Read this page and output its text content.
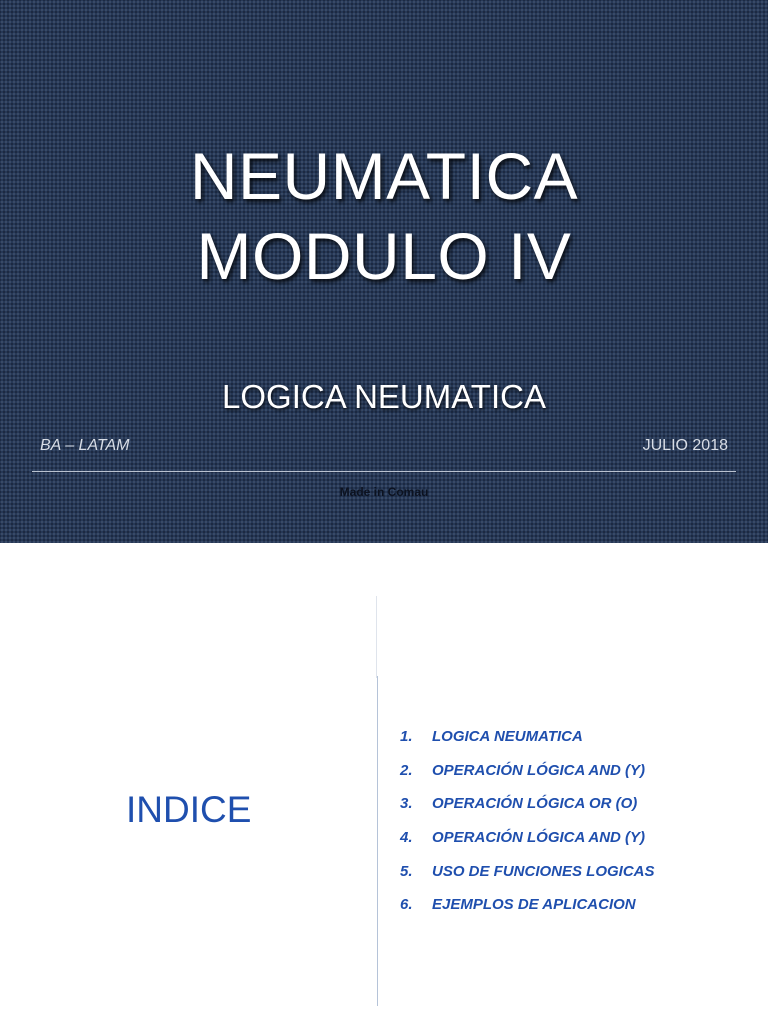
NEUMATICA
MODULO IV
LOGICA NEUMATICA
BA – LATAM	JULIO 2018
Made in Comau
INDICE
1.	LOGICA NEUMATICA
2.	OPERACIÓN LÓGICA AND (Y)
3.	OPERACIÓN LÓGICA OR (O)
4.	OPERACIÓN LÓGICA AND (Y)
5.	USO DE FUNCIONES LOGICAS
6.	EJEMPLOS DE APLICACION
